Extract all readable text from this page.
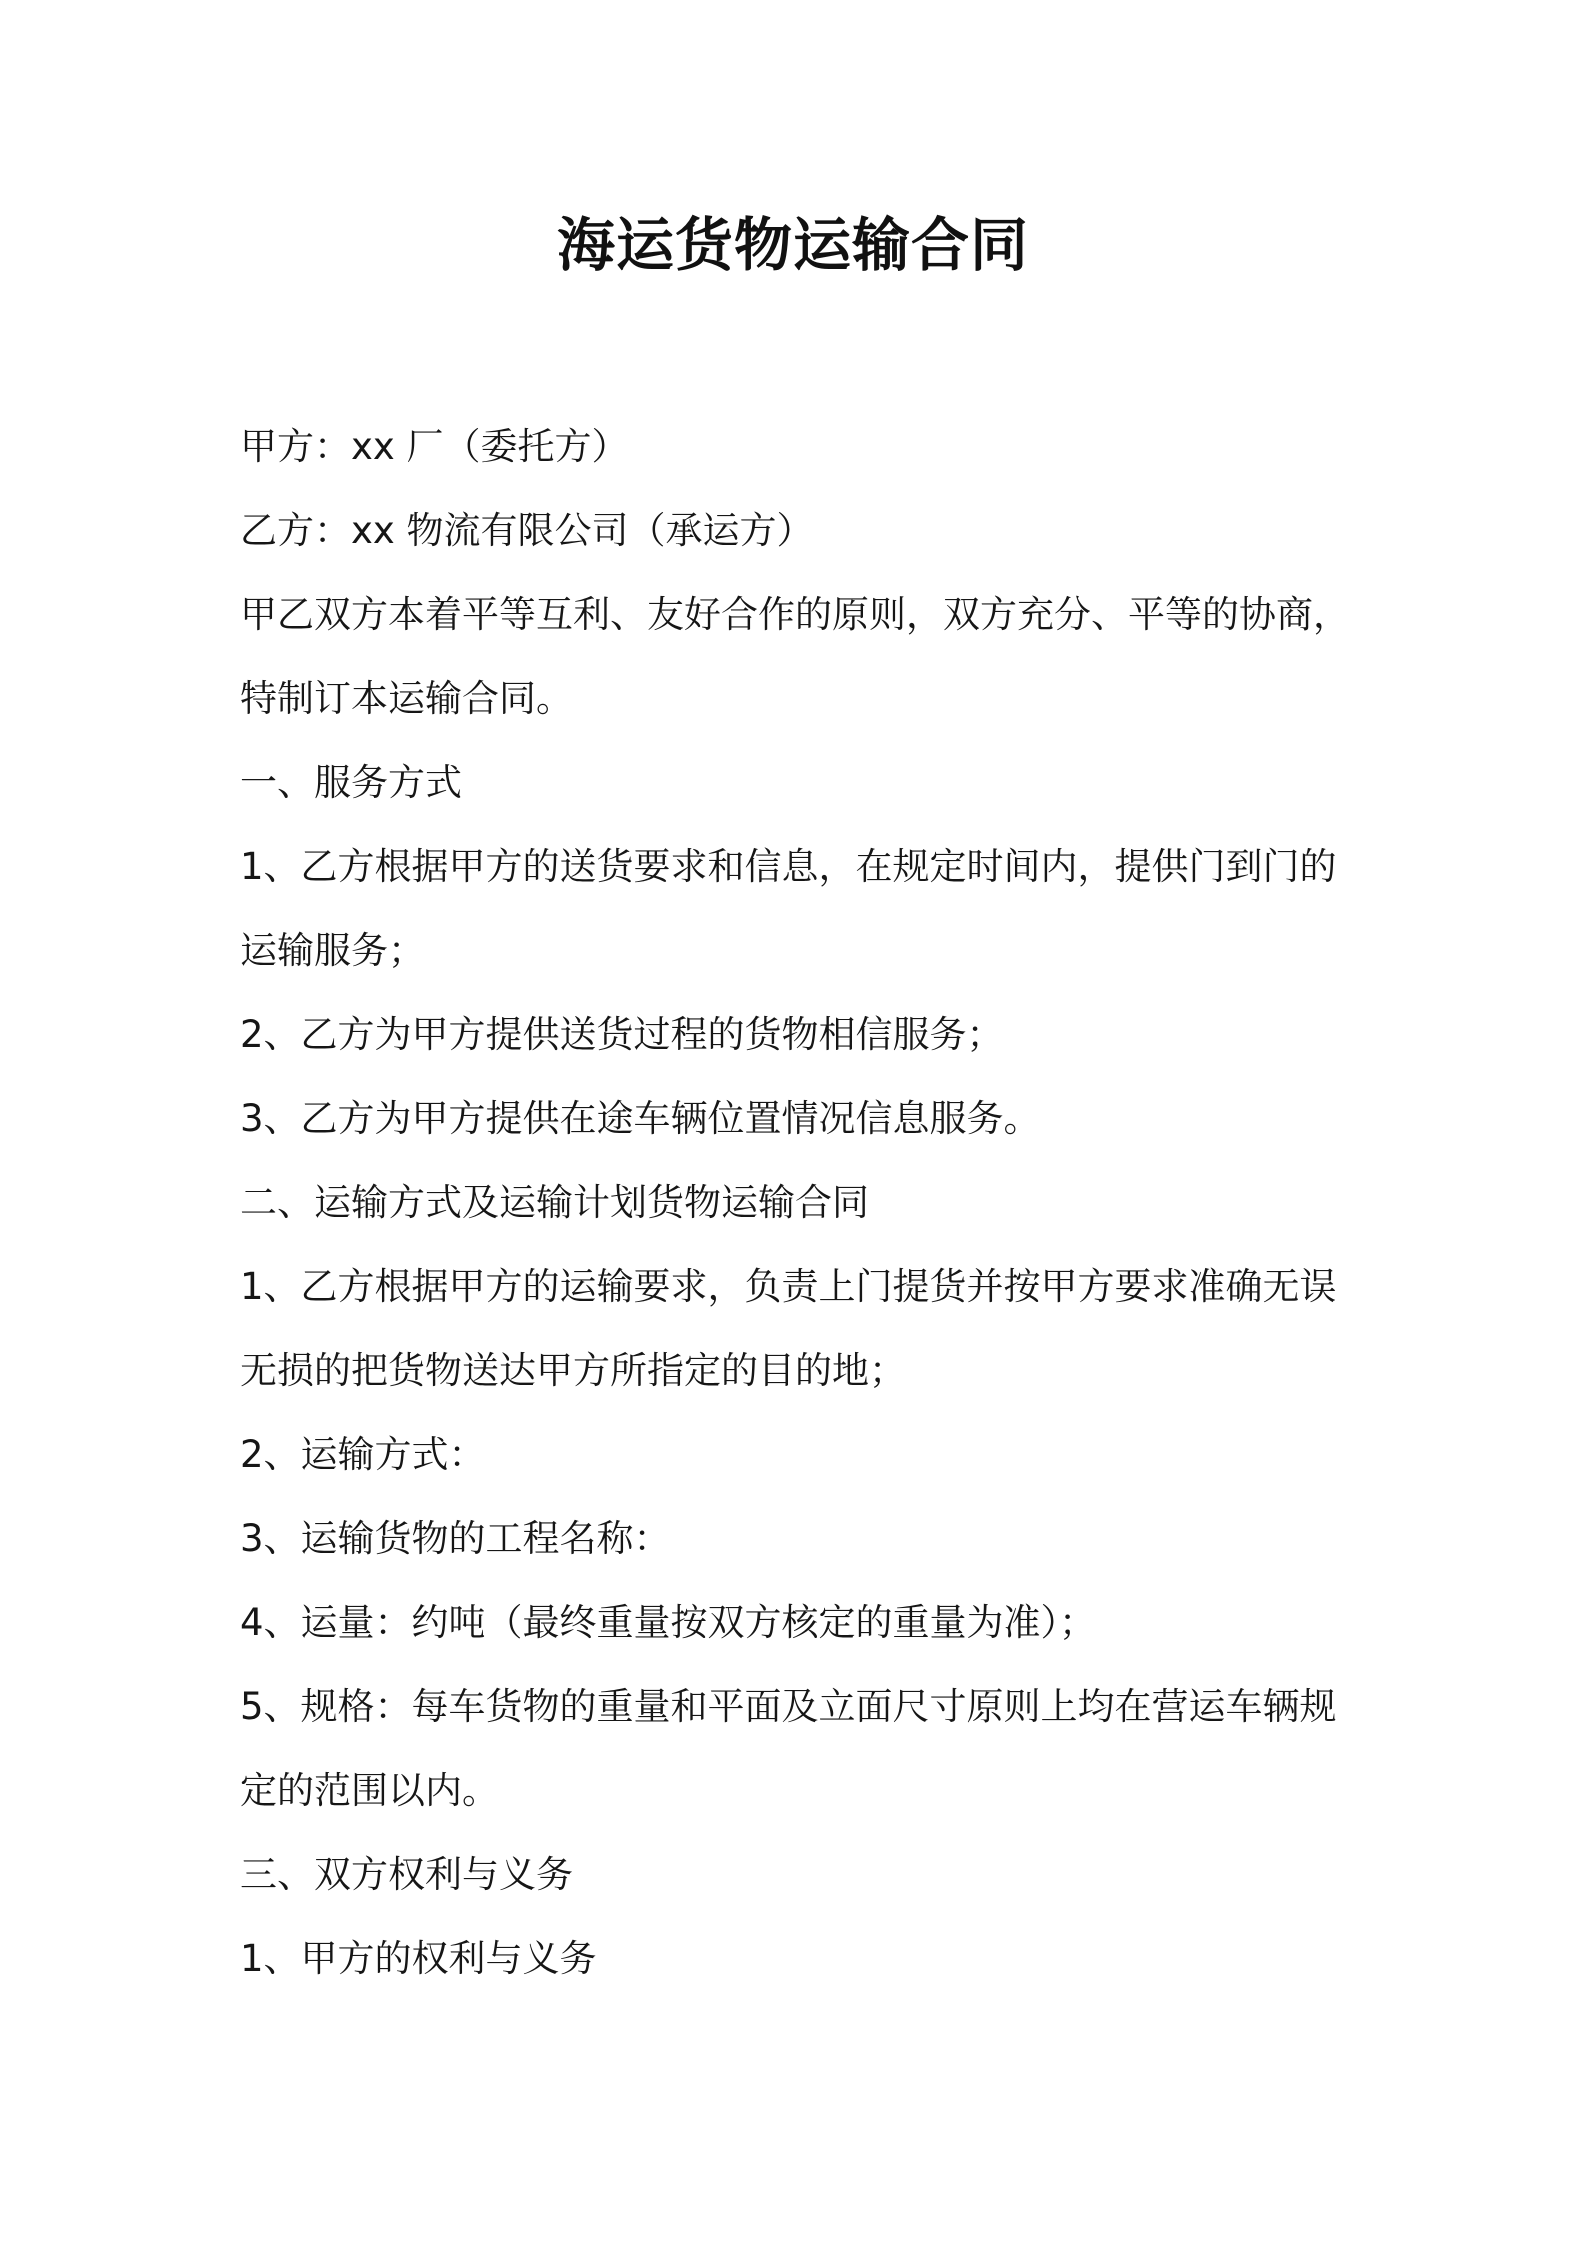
海运货物运输合同
甲方：xx 厂（委托方）
乙方：xx 物流有限公司（承运方）
甲乙双方本着平等互利、友好合作的原则，双方充分、平等的协商，
特制订本运输合同。
一、服务方式
1、乙方根据甲方的送货要求和信息，在规定时间内，提供门到门的
运输服务；
2、乙方为甲方提供送货过程的货物相信服务；
3、乙方为甲方提供在途车辆位置情况信息服务。
二、运输方式及运输计划货物运输合同
1、乙方根据甲方的运输要求，负责上门提货并按甲方要求准确无误
无损的把货物送达甲方所指定的目的地；
2、运输方式：
3、运输货物的工程名称：
4、运量：约吨（最终重量按双方核定的重量为准）；
5、规格：每车货物的重量和平面及立面尺寸原则上均在营运车辆规
定的范围以内。
三、双方权利与义务
1、甲方的权利与义务
